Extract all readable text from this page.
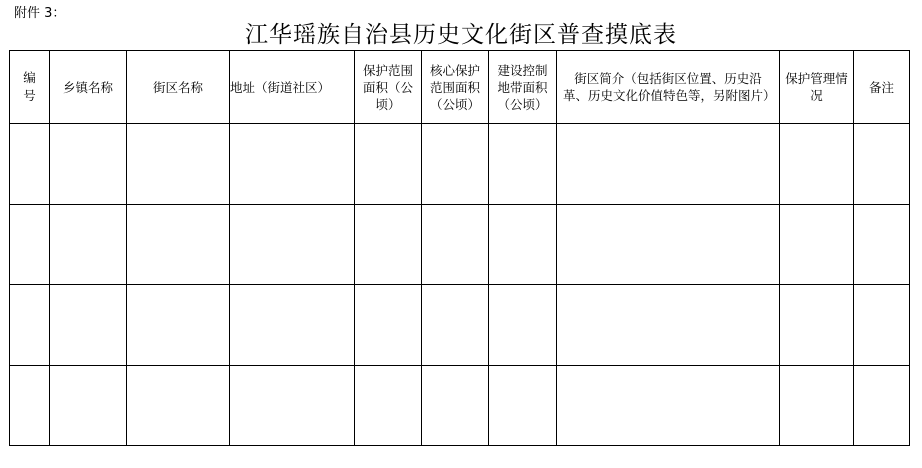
附件 3：
江华瑶族自治县历史文化街区普查摸底表
编号	乡镇名称	街区名称	地址（街道社区）	保护范围面积（公顷）	核心保护范围面积（公顷）	建设控制地带面积（公顷）	街区简介（包括街区位置、历史沿革、历史文化价值特色等，另附图片）	保护管理情况	备注
